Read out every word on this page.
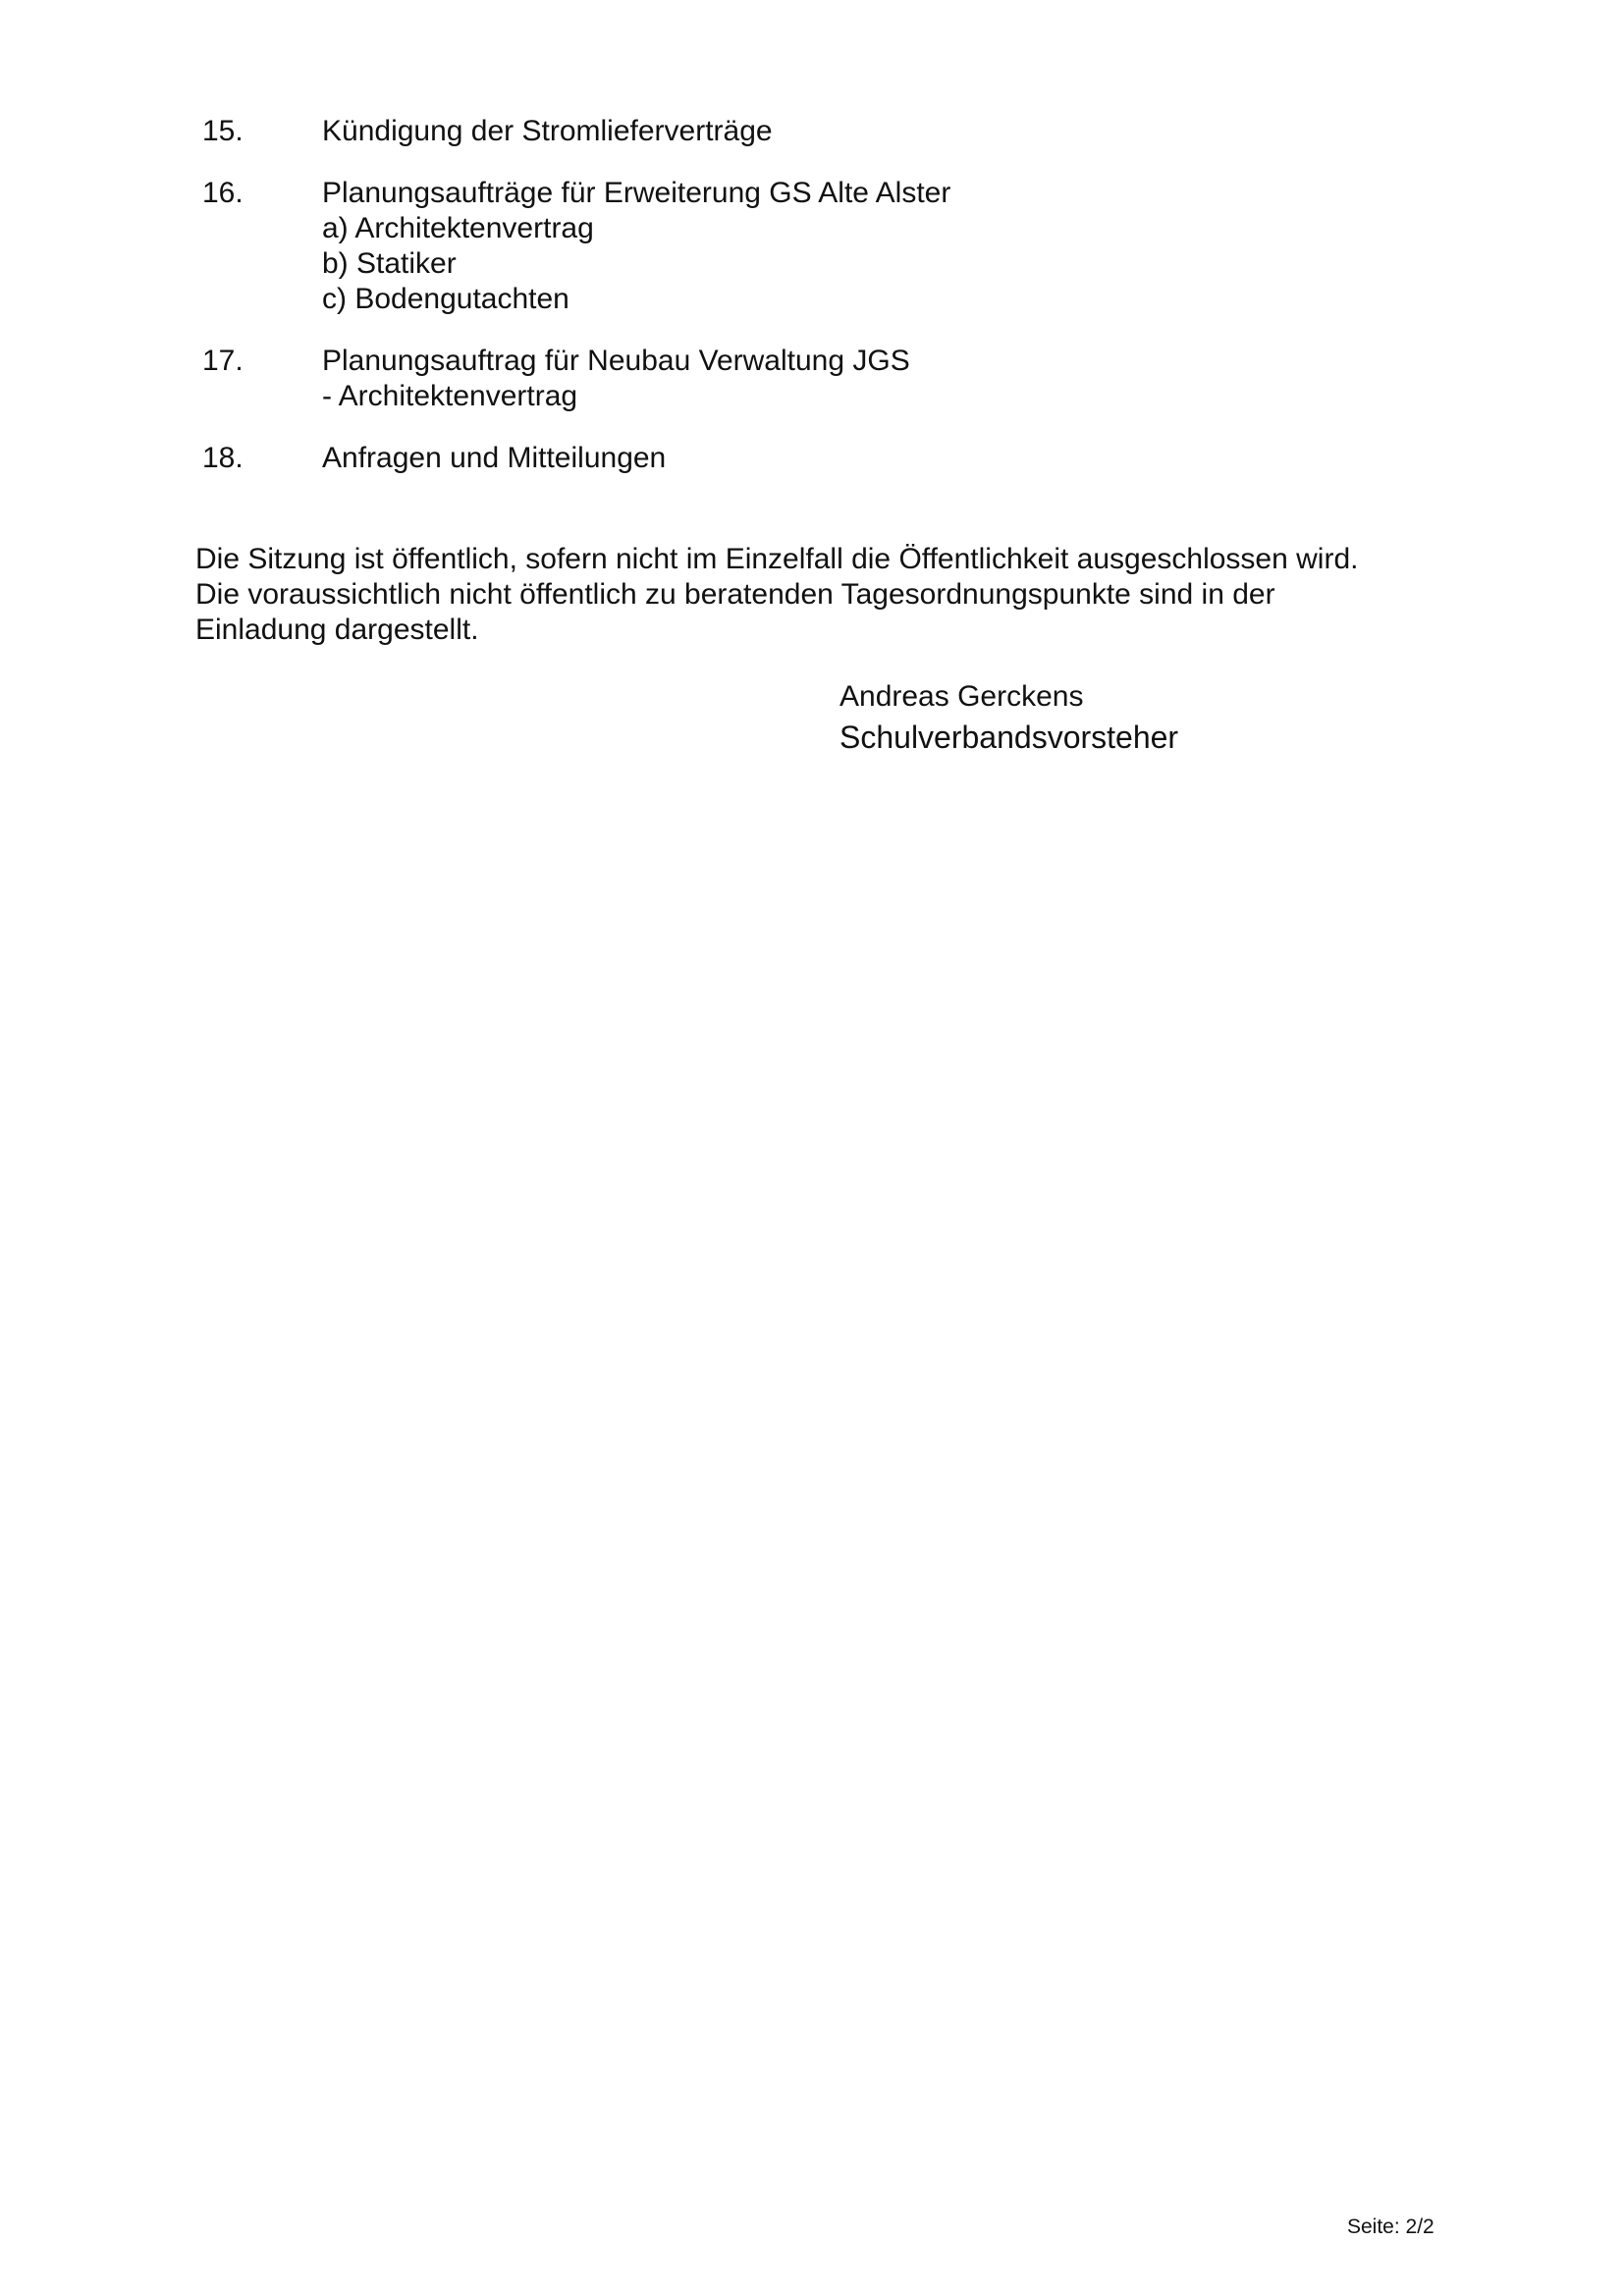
15.	Kündigung der Stromlieferverträge
16.	Planungsaufträge für Erweiterung GS Alte Alster
a) Architektenvertrag
b) Statiker
c) Bodengutachten
17.	Planungsauftrag für Neubau Verwaltung JGS
- Architektenvertrag
18.	Anfragen und Mitteilungen
Die Sitzung ist öffentlich, sofern nicht im Einzelfall die Öffentlichkeit ausgeschlossen wird.
Die voraussichtlich nicht öffentlich zu beratenden Tagesordnungspunkte sind in der
Einladung dargestellt.
Andreas Gerckens
Schulverbandsvorsteher
Seite: 2/2
